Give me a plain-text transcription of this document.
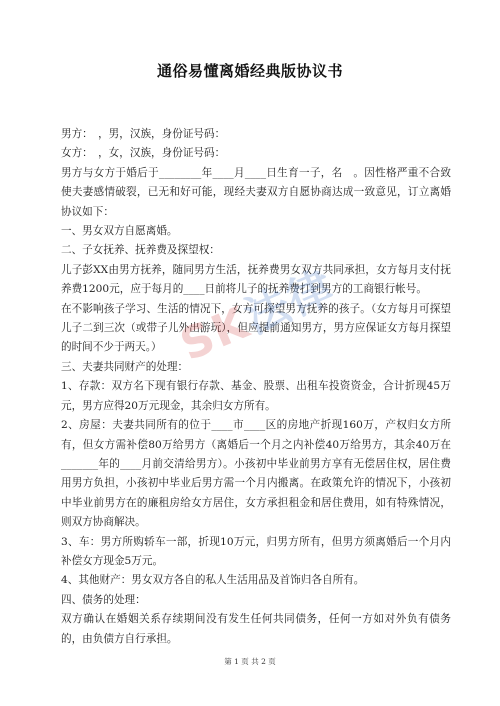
通俗易懂离婚经典版协议书

男方：　，男，汉族，身份证号码：

女方：　，女，汉族，身份证号码：

男方与女方于婚后于________年____月____日生育一子，名　。因性格严重不合致使夫妻感情破裂，已无和好可能，现经夫妻双方自愿协商达成一致意见，订立离婚协议如下：

一、男女双方自愿离婚。

二、子女抚养、抚养费及探望权：

儿子彭XX由男方抚养，随同男方生活，抚养费男女双方共同承担，女方每月支付抚养费1200元，应于每月的____日前将儿子的抚养费打到男方的工商银行帐号。

在不影响孩子学习、生活的情况下，女方可探望男方抚养的孩子。（女方每月可探望儿子二到三次（或带子儿外出游玩），但应提前通知男方，男方应保证女方每月探望的时间不少于两天。）

三、夫妻共同财产的处理：

1、存款：双方名下现有银行存款、基金、股票、出租车投资资金，合计折现45万元，男方应得20万元现金，其余归女方所有。

2、房屋：夫妻共同所有的位于____市____区的房地产折现160万，产权归女方所有，但女方需补偿80万给男方（离婚后一个月之内补偿40万给男方，其余40万在_______年的____月前交清给男方）。小孩初中毕业前男方享有无偿居住权，居住费用男方负担，小孩初中毕业后男方需一个月内搬离。在政策允许的情况下，小孩初中毕业前男方在的廉租房给女方居住，女方承担租金和居住费用，如有特殊情况，则双方协商解决。

3、车：男方所购轿车一部，折现10万元，归男方所有，但男方须离婚后一个月内补偿女方现金5万元。

4、其他财产：男女双方各自的私人生活用品及首饰归各自所有。

四、债务的处理：

双方确认在婚姻关系存续期间没有发生任何共同债务，任何一方如对外负有债务的，由负债方自行承担。

SK法律
第 1 页 共 2 页
